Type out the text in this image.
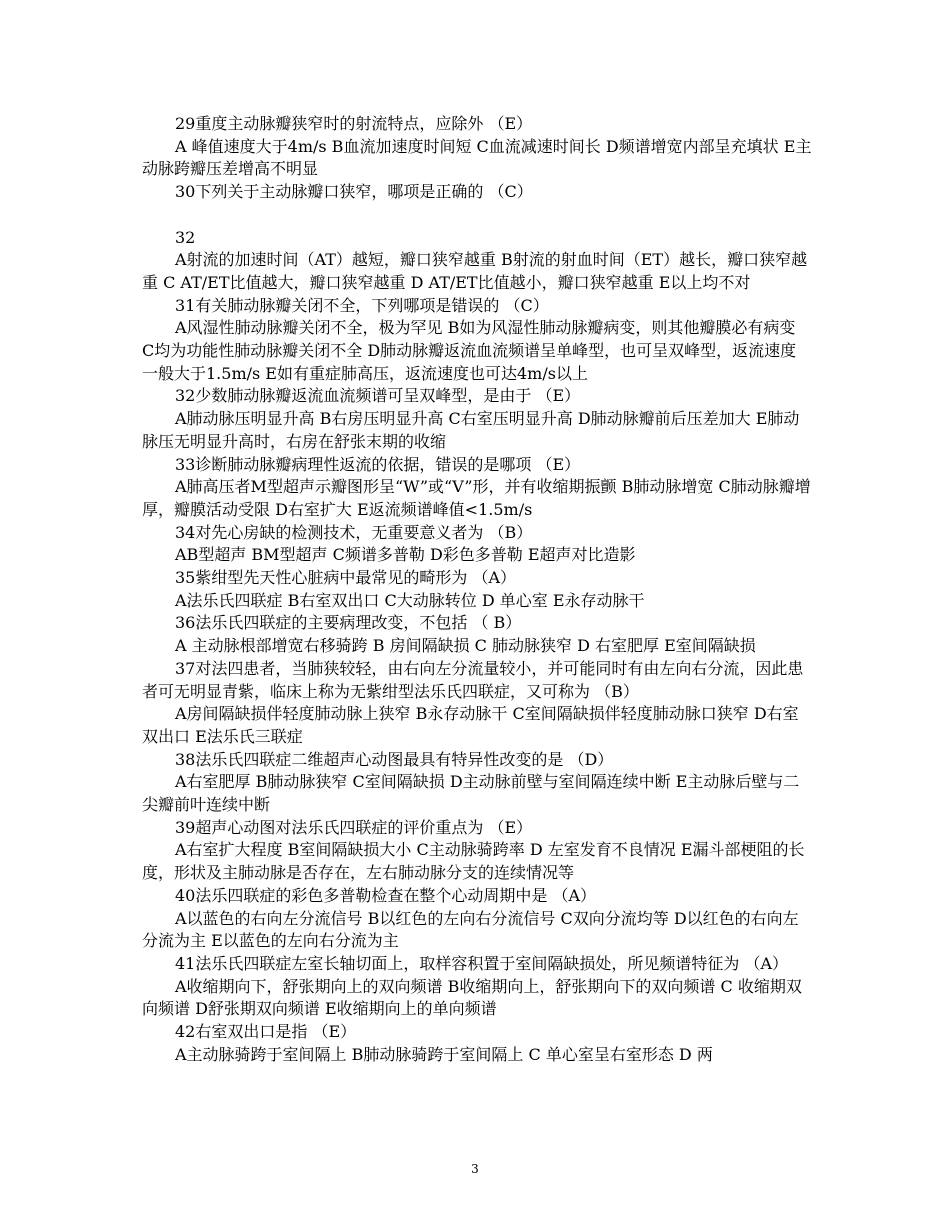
29重度主动脉瓣狭窄时的射流特点，应除外 （E）

A 峰值速度大于4m/s B血流加速度时间短 C血流减速时间长 D频谱增宽内部呈充填状 E主动脉跨瓣压差增高不明显

30下列关于主动脉瓣口狭窄，哪项是正确的 （C）

32

A射流的加速时间（AT）越短，瓣口狭窄越重 B射流的射血时间（ET）越长，瓣口狭窄越重 C AT/ET比值越大，瓣口狭窄越重 D AT/ET比值越小，瓣口狭窄越重 E以上均不对

31有关肺动脉瓣关闭不全，下列哪项是错误的 （C）

A风湿性肺动脉瓣关闭不全，极为罕见 B如为风湿性肺动脉瓣病变，则其他瓣膜必有病变 C均为功能性肺动脉瓣关闭不全 D肺动脉瓣返流血流频谱呈单峰型，也可呈双峰型，返流速度一般大于1.5m/s E如有重症肺高压，返流速度也可达4m/s以上

32少数肺动脉瓣返流血流频谱可呈双峰型，是由于 （E）

A肺动脉压明显升高 B右房压明显升高 C右室压明显升高 D肺动脉瓣前后压差加大 E肺动脉压无明显升高时，右房在舒张末期的收缩

33诊断肺动脉瓣病理性返流的依据，错误的是哪项 （E）

A肺高压者M型超声示瓣图形呈“W”或“V”形，并有收缩期振颤 B肺动脉增宽 C肺动脉瓣增厚，瓣膜活动受限 D右室扩大 E返流频谱峰值<1.5m/s

34对先心房缺的检测技术，无重要意义者为 （B）

AB型超声 BM型超声 C频谱多普勒 D彩色多普勒 E超声对比造影

35紫绀型先天性心脏病中最常见的畸形为 （A）

A法乐氏四联症 B右室双出口 C大动脉转位 D 单心室 E永存动脉干

36法乐氏四联症的主要病理改变，不包括 （ B）

A 主动脉根部增宽右移骑跨 B 房间隔缺损 C 肺动脉狭窄 D 右室肥厚 E室间隔缺损

37对法四患者，当肺狭较轻，由右向左分流量较小，并可能同时有由左向右分流，因此患者可无明显青紫，临床上称为无紫绀型法乐氏四联症，又可称为 （B）

A房间隔缺损伴轻度肺动脉上狭窄 B永存动脉干 C室间隔缺损伴轻度肺动脉口狭窄 D右室双出口 E法乐氏三联症

38法乐氏四联症二维超声心动图最具有特异性改变的是 （D）

A右室肥厚 B肺动脉狭窄 C室间隔缺损 D主动脉前壁与室间隔连续中断 E主动脉后壁与二尖瓣前叶连续中断

39超声心动图对法乐氏四联症的评价重点为 （E）

A右室扩大程度 B室间隔缺损大小 C主动脉骑跨率 D 左室发育不良情况 E漏斗部梗阻的长度，形状及主肺动脉是否存在，左右肺动脉分支的连续情况等

40法乐四联症的彩色多普勒检查在整个心动周期中是 （A）

A以蓝色的右向左分流信号 B以红色的左向右分流信号 C双向分流均等 D以红色的右向左分流为主 E以蓝色的左向右分流为主

41法乐氏四联症左室长轴切面上，取样容积置于室间隔缺损处，所见频谱特征为 （A）

A收缩期向下，舒张期向上的双向频谱 B收缩期向上，舒张期向下的双向频谱 C 收缩期双向频谱 D舒张期双向频谱 E收缩期向上的单向频谱

42右室双出口是指 （E）

A主动脉骑跨于室间隔上 B肺动脉骑跨于室间隔上 C 单心室呈右室形态 D 两

3
